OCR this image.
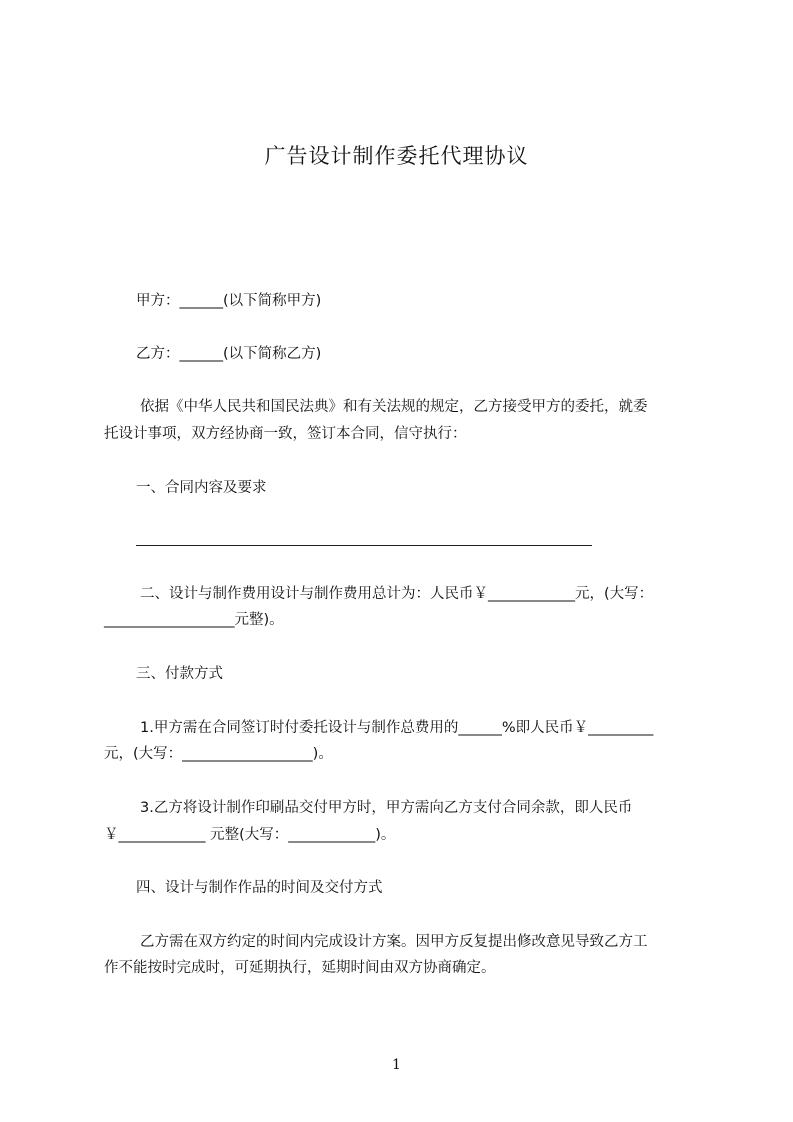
广告设计制作委托代理协议
甲方：______(以下简称甲方)
乙方：______(以下简称乙方)
依据《中华人民共和国民法典》和有关法规的规定，乙方接受甲方的委托，就委
托设计事项，双方经协商一致，签订本合同，信守执行：
一、合同内容及要求
二、设计与制作费用设计与制作费用总计为：人民币￥____________元，(大写：
__________________元整)。
三、付款方式
1.甲方需在合同签订时付委托设计与制作总费用的______%即人民币￥_________
元，(大写：__________________)。
3.乙方将设计制作印刷品交付甲方时，甲方需向乙方支付合同余款，即人民币
￥____________ 元整(大写：____________)。
四、设计与制作作品的时间及交付方式
乙方需在双方约定的时间内完成设计方案。因甲方反复提出修改意见导致乙方工
作不能按时完成时，可延期执行，延期时间由双方协商确定。
1
